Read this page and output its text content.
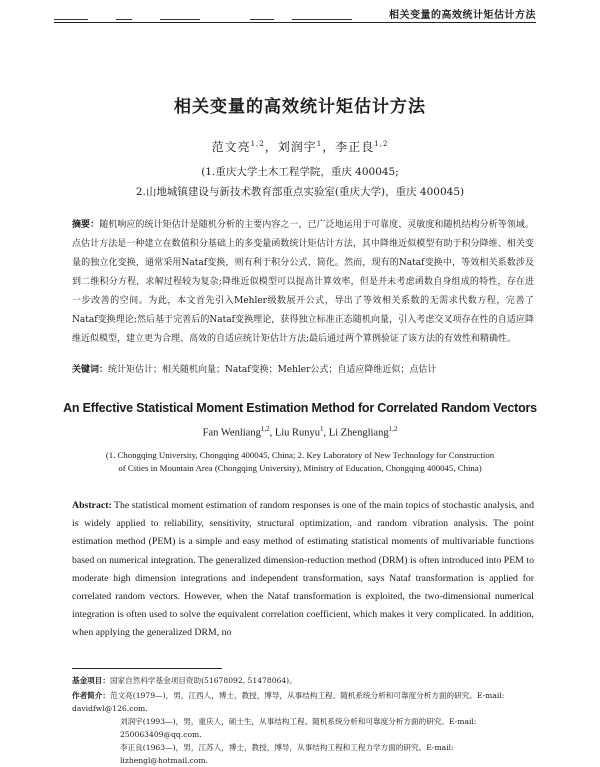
相关变量的高效统计矩估计方法
相关变量的高效统计矩估计方法
范文亮$^{1,2}$，刘润宇$^1$，李正良$^{1,2}$
(1.重庆大学土木工程学院，重庆 400045;
2.山地城镇建设与新技术教育部重点实验室(重庆大学)，重庆 400045)
摘要：随机响应的统计矩估计是随机分析的主要内容之一，已广泛地运用于可靠度、灵敏度和随机结构分析等领域。点估计方法是一种建立在数值积分基础上的多变量函数统计矩估计方法，其中降维近似模型有助于积分降维、相关变量的独立化变换，通常采用Nataf变换，则有利于积分公式、简化。然而，现有的Nataf变换中，等效相关系数涉及到二维积分方程，求解过程较为复杂;降维近似模型可以提高计算效率，但是并未考虑函数自身组成的特性，存在进一步改善的空间。为此，本文首先引入Mehler级数展开公式，导出了等效相关系数的无需求代数方程，完善了Nataf变换理论;然后基于完善后的Nataf变换理论，获得独立标准正态随机向量，引入考虑交叉项存在性的自适应降维近似模型，建立更为合理、高效的自适应统计矩估计方法;最后通过两个算例验证了该方法的有效性和精确性。
关键词：统计矩估计；相关随机向量；Nataf变换；Mehler公式；自适应降维近似；点估计
An Effective Statistical Moment Estimation Method for Correlated Random Vectors
Fan Wenliang$^{1,2}$, Liu Runyu$^1$, Li Zhengliang$^{1,2}$
(1. Chongqing University, Chongqing 400045, China; 2. Key Laboratory of New Technology for Construction
of Cities in Mountain Area (Chongqing University), Ministry of Education, Chongqing 400045, China)
Abstract: The statistical moment estimation of random responses is one of the main topics of stochastic analysis, and is widely applied to reliability, sensitivity, structural optimization, and random vibration analysis. The point estimation method (PEM) is a simple and easy method of estimating statistical moments of multivariable functions based on numerical integration. The generalized dimension-reduction method (DRM) is often introduced into PEM to moderate high dimension integrations and independent transformation, says Nataf transformation is applied for correlated random vectors. However, when the Nataf transformation is exploited, the two-dimensional numerical integration is often used to solve the equivalent correlation coefficient, which makes it very complicated. In addition, when applying the generalized DRM, no
基金项目：国家自然科学基金项目资助(51678092, 51478064)。
作者简介：范文亮(1979—)，男，江西人，博士，教授，博导，从事结构工程、随机系统分析和可靠度分析方面的研究。E-mail: davidfwl@126.com.
刘润宇(1993—)，男，重庆人，硕士生，从事结构工程、随机系统分析和可靠度分析方面的研究。E-mail: 250063409@qq.com.
李正良(1963—)，男，江苏人，博士，教授，博导，从事结构工程和工程力学方面的研究。E-mail: lizhengl@hotmail.com.
